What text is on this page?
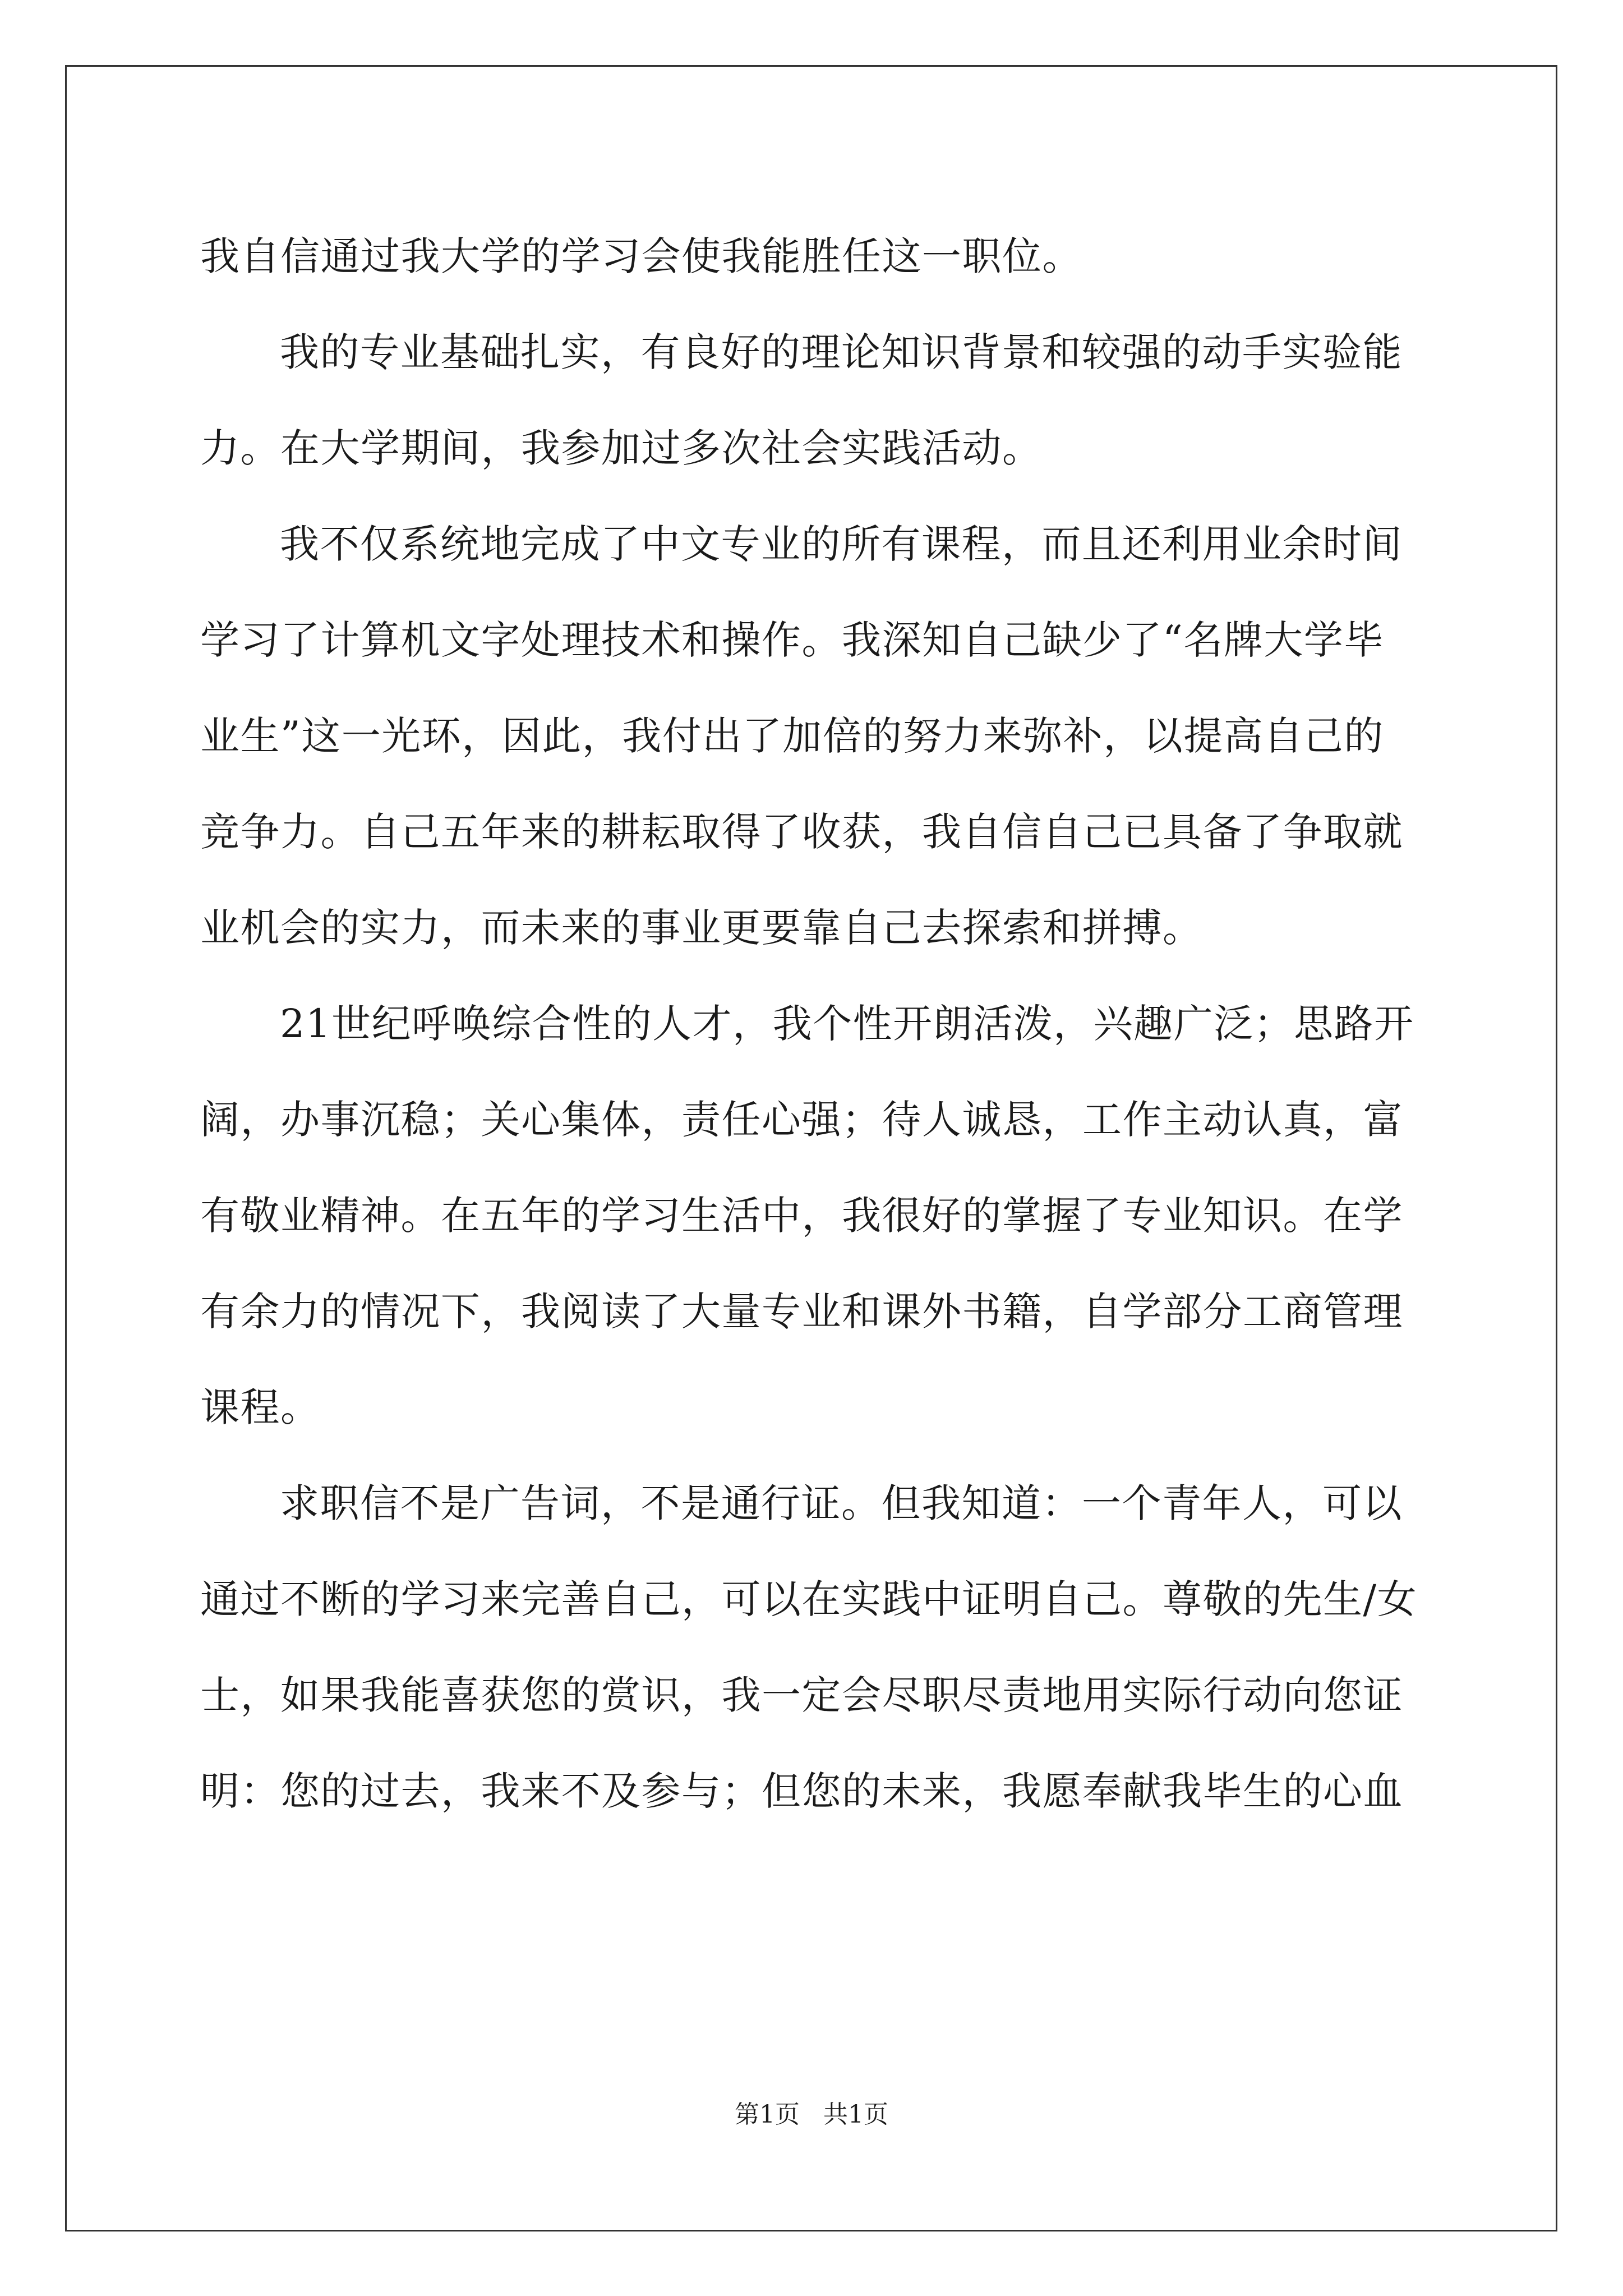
我自信通过我大学的学习会使我能胜任这一职位。
我的专业基础扎实，有良好的理论知识背景和较强的动手实验能
力。在大学期间，我参加过多次社会实践活动。
我不仅系统地完成了中文专业的所有课程，而且还利用业余时间
学习了计算机文字处理技术和操作。我深知自己缺少了“名牌大学毕
业生”这一光环，因此，我付出了加倍的努力来弥补，以提高自己的
竞争力。自己五年来的耕耘取得了收获，我自信自己已具备了争取就
业机会的实力，而未来的事业更要靠自己去探索和拼搏。
21世纪呼唤综合性的人才，我个性开朗活泼，兴趣广泛；思路开
阔，办事沉稳；关心集体，责任心强；待人诚恳，工作主动认真，富
有敬业精神。在五年的学习生活中，我很好的掌握了专业知识。在学
有余力的情况下，我阅读了大量专业和课外书籍，自学部分工商管理
课程。
求职信不是广告词，不是通行证。但我知道：一个青年人，可以
通过不断的学习来完善自己，可以在实践中证明自己。尊敬的先生/女
士，如果我能喜获您的赏识，我一定会尽职尽责地用实际行动向您证
明：您的过去，我来不及参与；但您的未来，我愿奉献我毕生的心血
第1页 共1页
